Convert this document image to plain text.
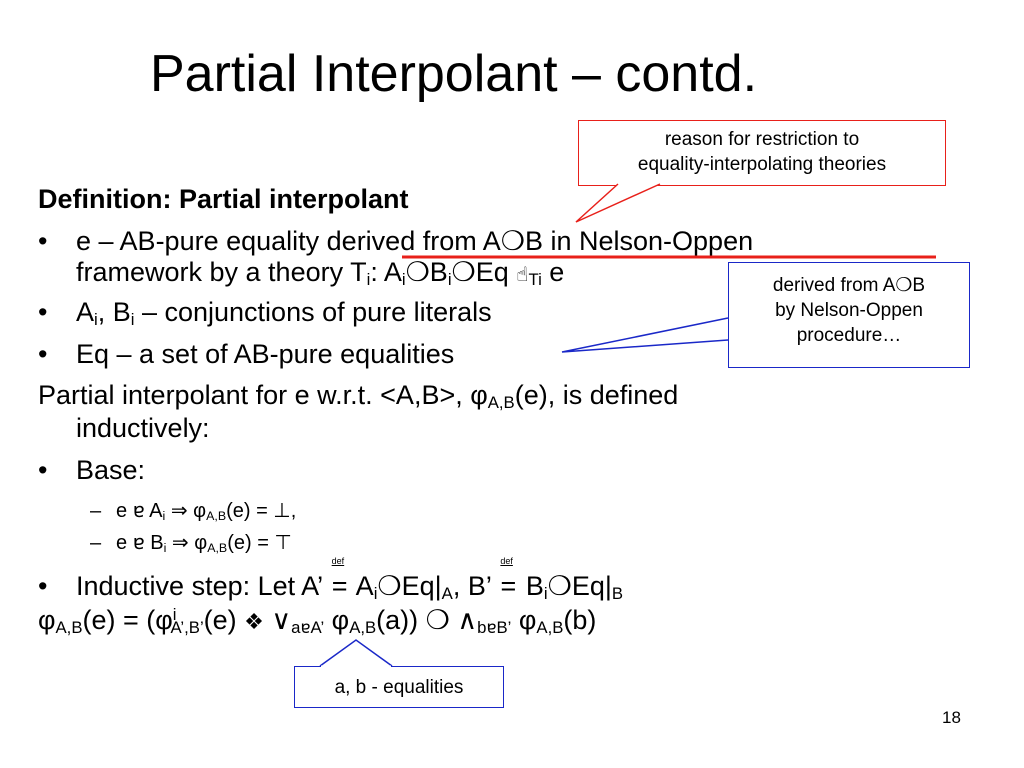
Partial Interpolant – contd.
reason for restriction to
equality-interpolating theories
derived from A❍B
by Nelson-Oppen
procedure…
a, b - equalities
Definition: Partial interpolant
• e – AB-pure equality derived from A❍B in Nelson-Oppen
framework by a theory $T_i$: $A_i❍B_i❍Eq$ $☝_{Ti}$ e
• $A_i$, $B_i$ – conjunctions of pure literals
• Eq – a set of AB-pure equalities
Partial interpolant for e w.r.t. <A,B>, $\varphi_{A,B}(e)$, is defined
inductively:
• Base:
– e ɐ $A_i$ ⇒ $\varphi_{A,B}(e)$ = ⊥,
– e ɐ $B_i$ ⇒ $\varphi_{A,B}(e)$ = ⊤
• Inductive step: Let A’
def
= $A_i❍Eq|_A$, B’
def
= $B_i❍Eq|_B$
$\varphi_{A,B}(e) = (\varphi^i_{A’,B’}(e)$ ❖ $\vee_{aɐA’}$ $\varphi_{A,B}(a)$) ❍ $\wedge_{bɐB’}$ $\varphi_{A,B}(b)$
18
